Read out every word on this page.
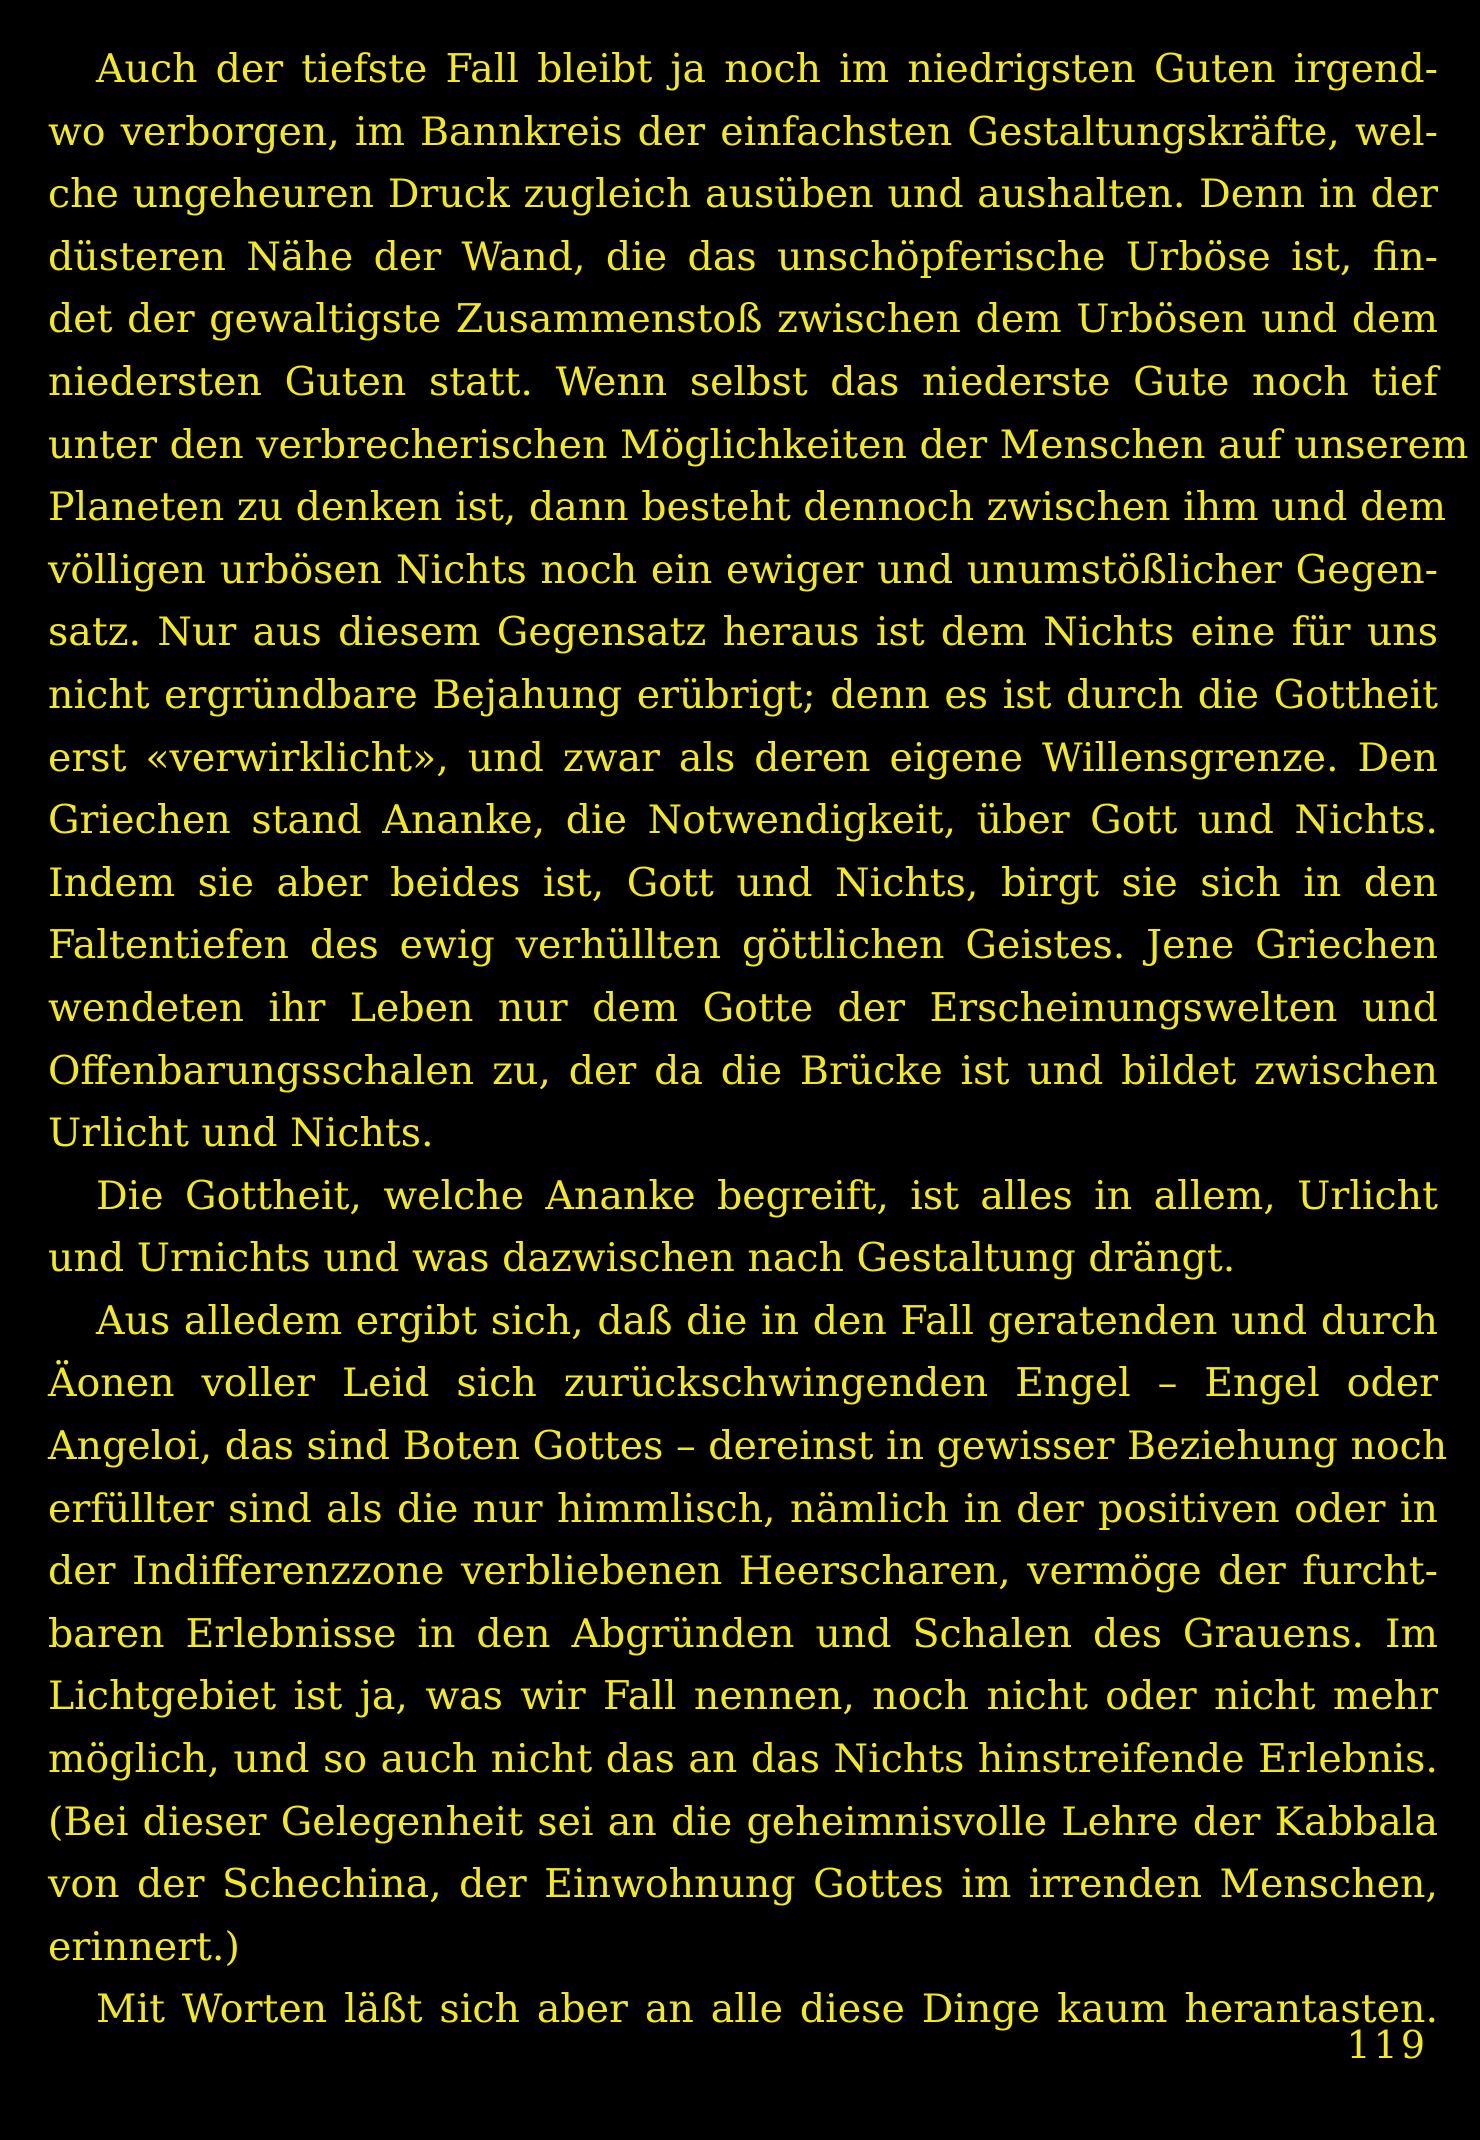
Auch der tiefste Fall bleibt ja noch im niedrigsten Guten irgend-
wo verborgen, im Bannkreis der einfachsten Gestaltungskräfte, wel-
che ungeheuren Druck zugleich ausüben und aushalten. Denn in der
düsteren Nähe der Wand, die das unschöpferische Urböse ist, fin-
det der gewaltigste Zusammenstoß zwischen dem Urbösen und dem
niedersten Guten statt. Wenn selbst das niederste Gute noch tief
unter den verbrecherischen Möglichkeiten der Menschen auf unserem
Planeten zu denken ist, dann besteht dennoch zwischen ihm und dem
völligen urbösen Nichts noch ein ewiger und unumstößlicher Gegen-
satz. Nur aus diesem Gegensatz heraus ist dem Nichts eine für uns
nicht ergründbare Bejahung erübrigt; denn es ist durch die Gottheit
erst «verwirklicht», und zwar als deren eigene Willensgrenze. Den
Griechen stand Ananke, die Notwendigkeit, über Gott und Nichts.
Indem sie aber beides ist, Gott und Nichts, birgt sie sich in den
Faltentiefen des ewig verhüllten göttlichen Geistes. Jene Griechen
wendeten ihr Leben nur dem Gotte der Erscheinungswelten und
Offenbarungsschalen zu, der da die Brücke ist und bildet zwischen
Urlicht und Nichts.
Die Gottheit, welche Ananke begreift, ist alles in allem, Urlicht
und Urnichts und was dazwischen nach Gestaltung drängt.
Aus alledem ergibt sich, daß die in den Fall geratenden und durch
Äonen voller Leid sich zurückschwingenden Engel – Engel oder
Angeloi, das sind Boten Gottes – dereinst in gewisser Beziehung noch
erfüllter sind als die nur himmlisch, nämlich in der positiven oder in
der Indifferenzzone verbliebenen Heerscharen, vermöge der furcht-
baren Erlebnisse in den Abgründen und Schalen des Grauens. Im
Lichtgebiet ist ja, was wir Fall nennen, noch nicht oder nicht mehr
möglich, und so auch nicht das an das Nichts hinstreifende Erlebnis.
(Bei dieser Gelegenheit sei an die geheimnisvolle Lehre der Kabbala
von der Schechina, der Einwohnung Gottes im irrenden Menschen,
erinnert.)
Mit Worten läßt sich aber an alle diese Dinge kaum herantasten.
119
